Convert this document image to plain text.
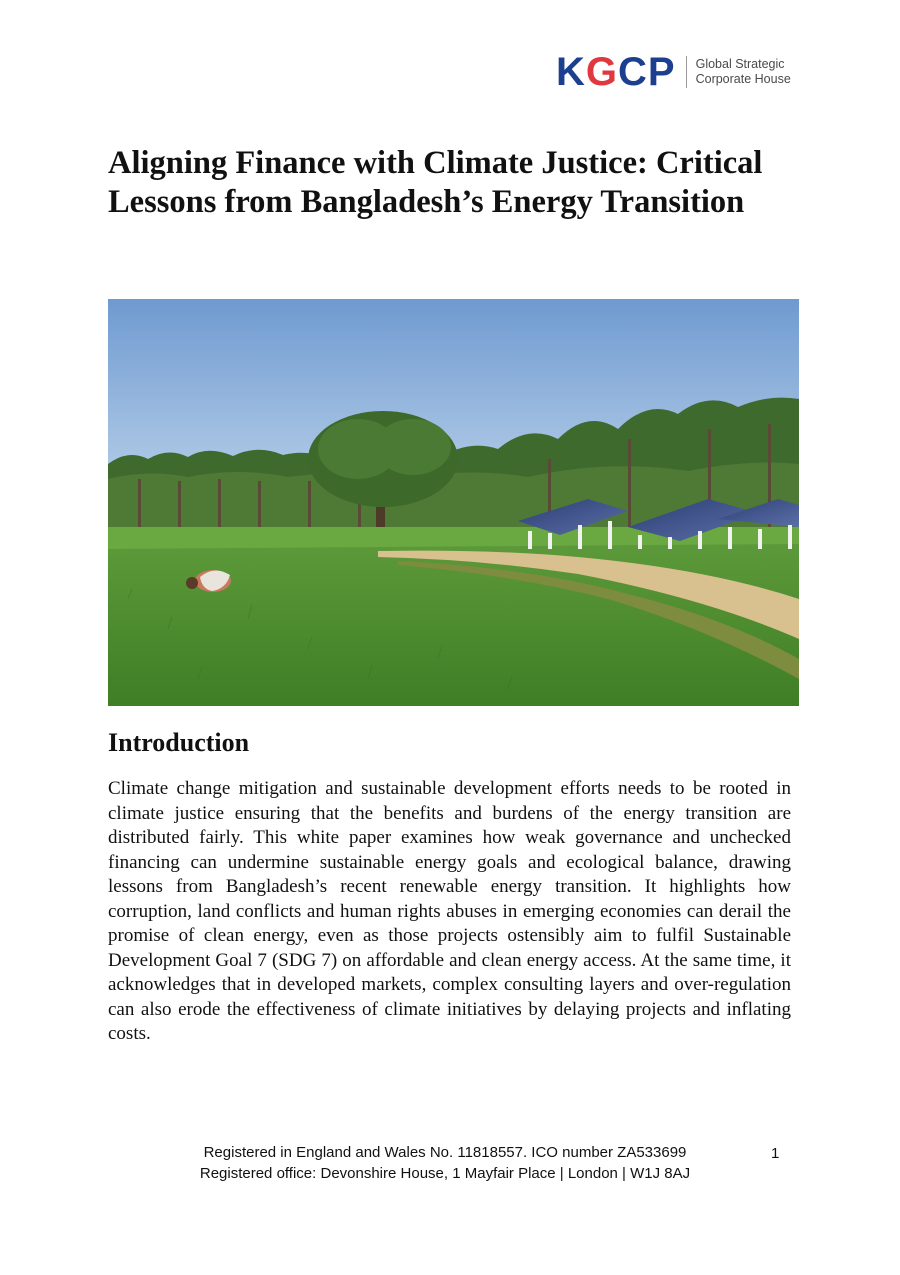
KGCP Global Strategic
Corporate House
Aligning Finance with Climate Justice: Critical Lessons from Bangladesh’s Energy Transition
Introduction

Climate change mitigation and sustainable development efforts needs to be rooted in climate justice ensuring that the benefits and burdens of the energy transition are distributed fairly. This white paper examines how weak governance and unchecked financing can undermine sustainable energy goals and ecological balance, drawing lessons from Bangladesh’s recent renewable energy transition. It highlights how corruption, land conflicts and human rights abuses in emerging economies can derail the promise of clean energy, even as those projects ostensibly aim to fulfil Sustainable Development Goal 7 (SDG 7) on affordable and clean energy access. At the same time, it acknowledges that in developed markets, complex consulting layers and over-regulation can also erode the effectiveness of climate initiatives by delaying projects and inflating costs.

Registered in England and Wales No. 11818557. ICO number ZA533699
Registered office: Devonshire House, 1 Mayfair Place | London | W1J 8AJ
1
